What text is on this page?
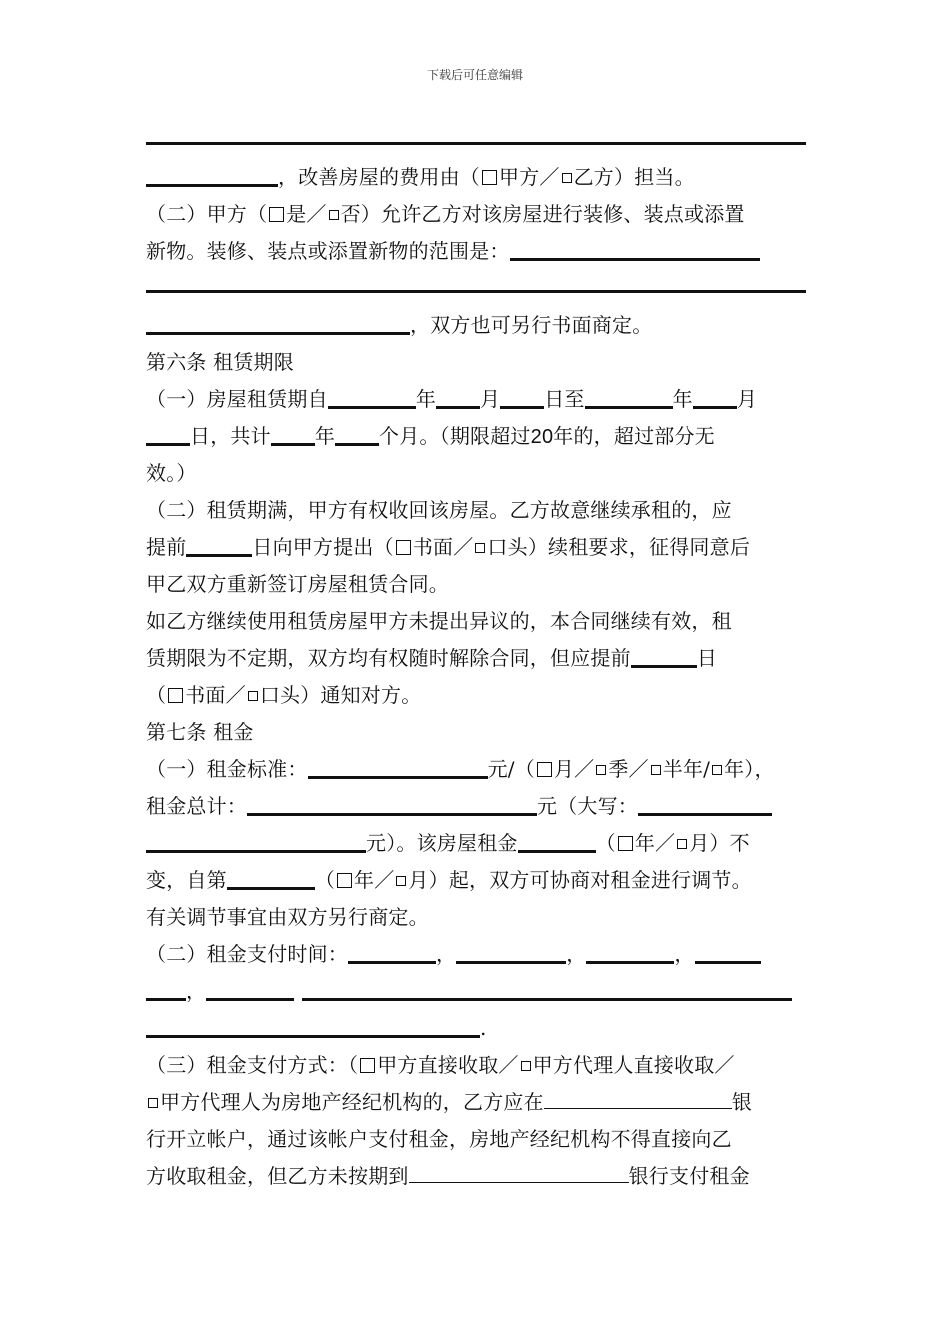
下载后可任意编辑
，改善房屋的费用由（ 甲方／ 乙方）担当。
（二）甲方（ 是／ 否）允许乙方对该房屋进行装修、装点或添置
新物。装修、装点或添置新物的范围是：
，双方也可另行书面商定。
第六条 租赁期限
（一）房屋租赁期自	年 月 日至	年 月
日，共计 年 个月。（期限超过20年的，超过部分无
效。）
（二）租赁期满，甲方有权收回该房屋。乙方故意继续承租的，应
提前	日向甲方提出（ 书面／ 口头）续租要求，征得同意后
甲乙双方重新签订房屋租赁合同。
如乙方继续使用租赁房屋甲方未提出异议的，本合同继续有效，租
赁期限为不定期，双方均有权随时解除合同，但应提前	日
（ 书面／ 口头）通知对方。
第七条 租金
（一）租金标准：	元/（ 月／ 季／ 半年/ 年），
租金总计：	元（大写：
元）。该房屋租金	（ 年／ 月）不
变，自第	（ 年／ 月）起，双方可协商对租金进行调节。
有关调节事宜由双方另行商定。
（二）租金支付时间：	，	，	，
，
.
（三）租金支付方式：（ 甲方直接收取／ 甲方代理人直接收取／
甲方代理人为房地产经纪机构的，乙方应在	银
行开立帐户，通过该帐户支付租金，房地产经纪机构不得直接向乙
方收取租金，但乙方未按期到	银行支付租金
